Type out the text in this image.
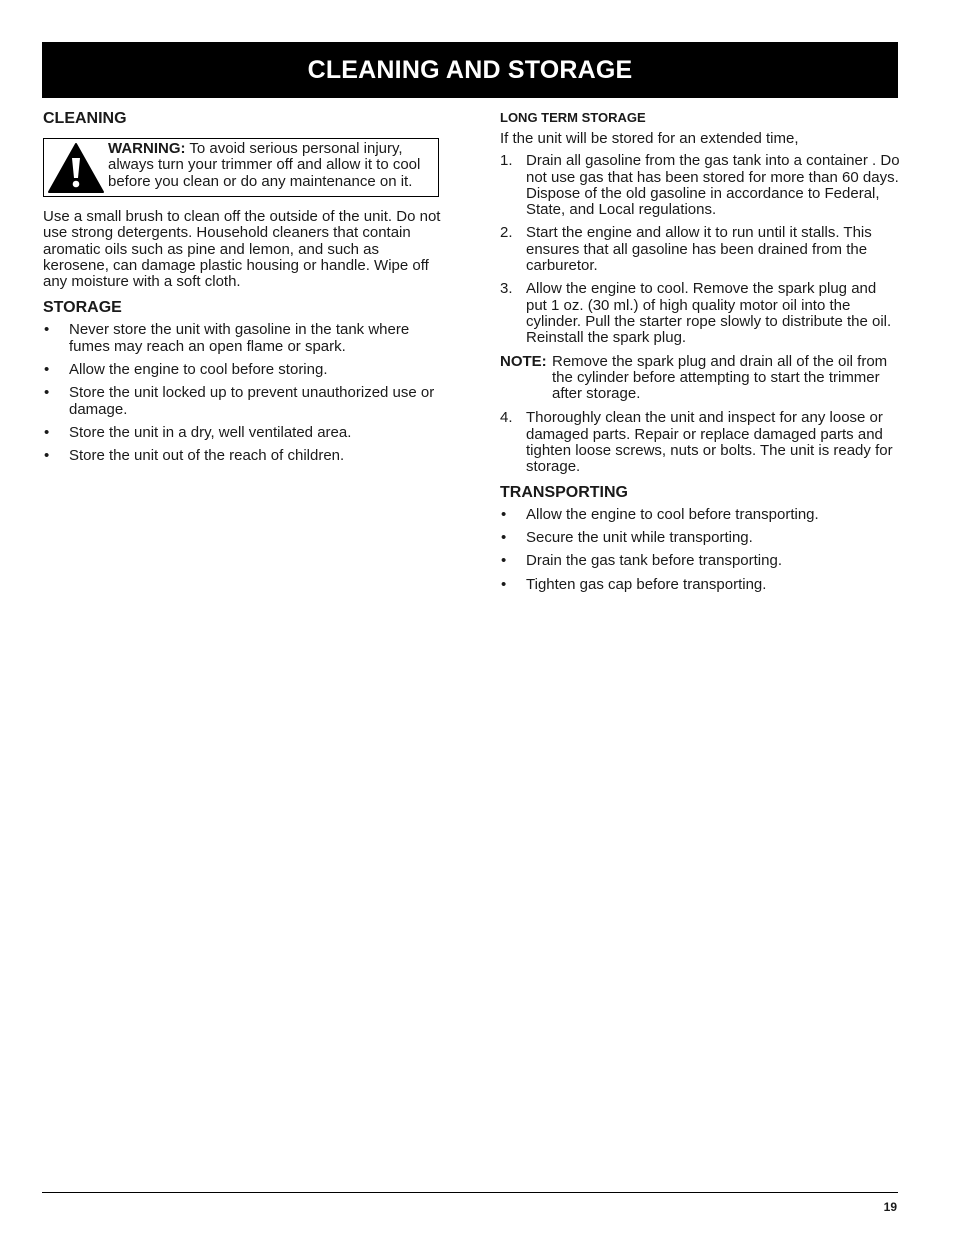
CLEANING AND STORAGE
CLEANING
WARNING: To avoid serious personal injury, always turn your trimmer off and allow it to cool before you clean or do any maintenance on it.

Use a small brush to clean off the outside of the unit. Do not use strong detergents. Household cleaners that contain aromatic oils such as pine and lemon, and such as kerosene, can damage plastic housing or handle. Wipe off any moisture with a soft cloth.

STORAGE
• Never store the unit with gasoline in the tank where fumes may reach an open flame or spark.
• Allow the engine to cool before storing.
• Store the unit locked up to prevent unauthorized use or damage.
• Store the unit in a dry, well ventilated area.
• Store the unit out of the reach of children.
LONG TERM STORAGE

If the unit will be stored for an extended time,

1. Drain all gasoline from the gas tank into a container . Do not use gas that has been stored for more than 60 days. Dispose of the old gasoline in accordance to Federal, State, and Local regulations.
2. Start the engine and allow it to run until it stalls. This ensures that all gasoline has been drained from the carburetor.
3. Allow the engine to cool. Remove the spark plug and put 1 oz. (30 ml.) of high quality motor oil into the cylinder. Pull the starter rope slowly to distribute the oil. Reinstall the spark plug.
NOTE: Remove the spark plug and drain all of the oil from the cylinder before attempting to start the trimmer after storage.
4. Thoroughly clean the unit and inspect for any loose or damaged parts. Repair or replace damaged parts and tighten loose screws, nuts or bolts. The unit is ready for storage.
TRANSPORTING
• Allow the engine to cool before transporting.
• Secure the unit while transporting.
• Drain the gas tank before transporting.
• Tighten gas cap before transporting.
19
